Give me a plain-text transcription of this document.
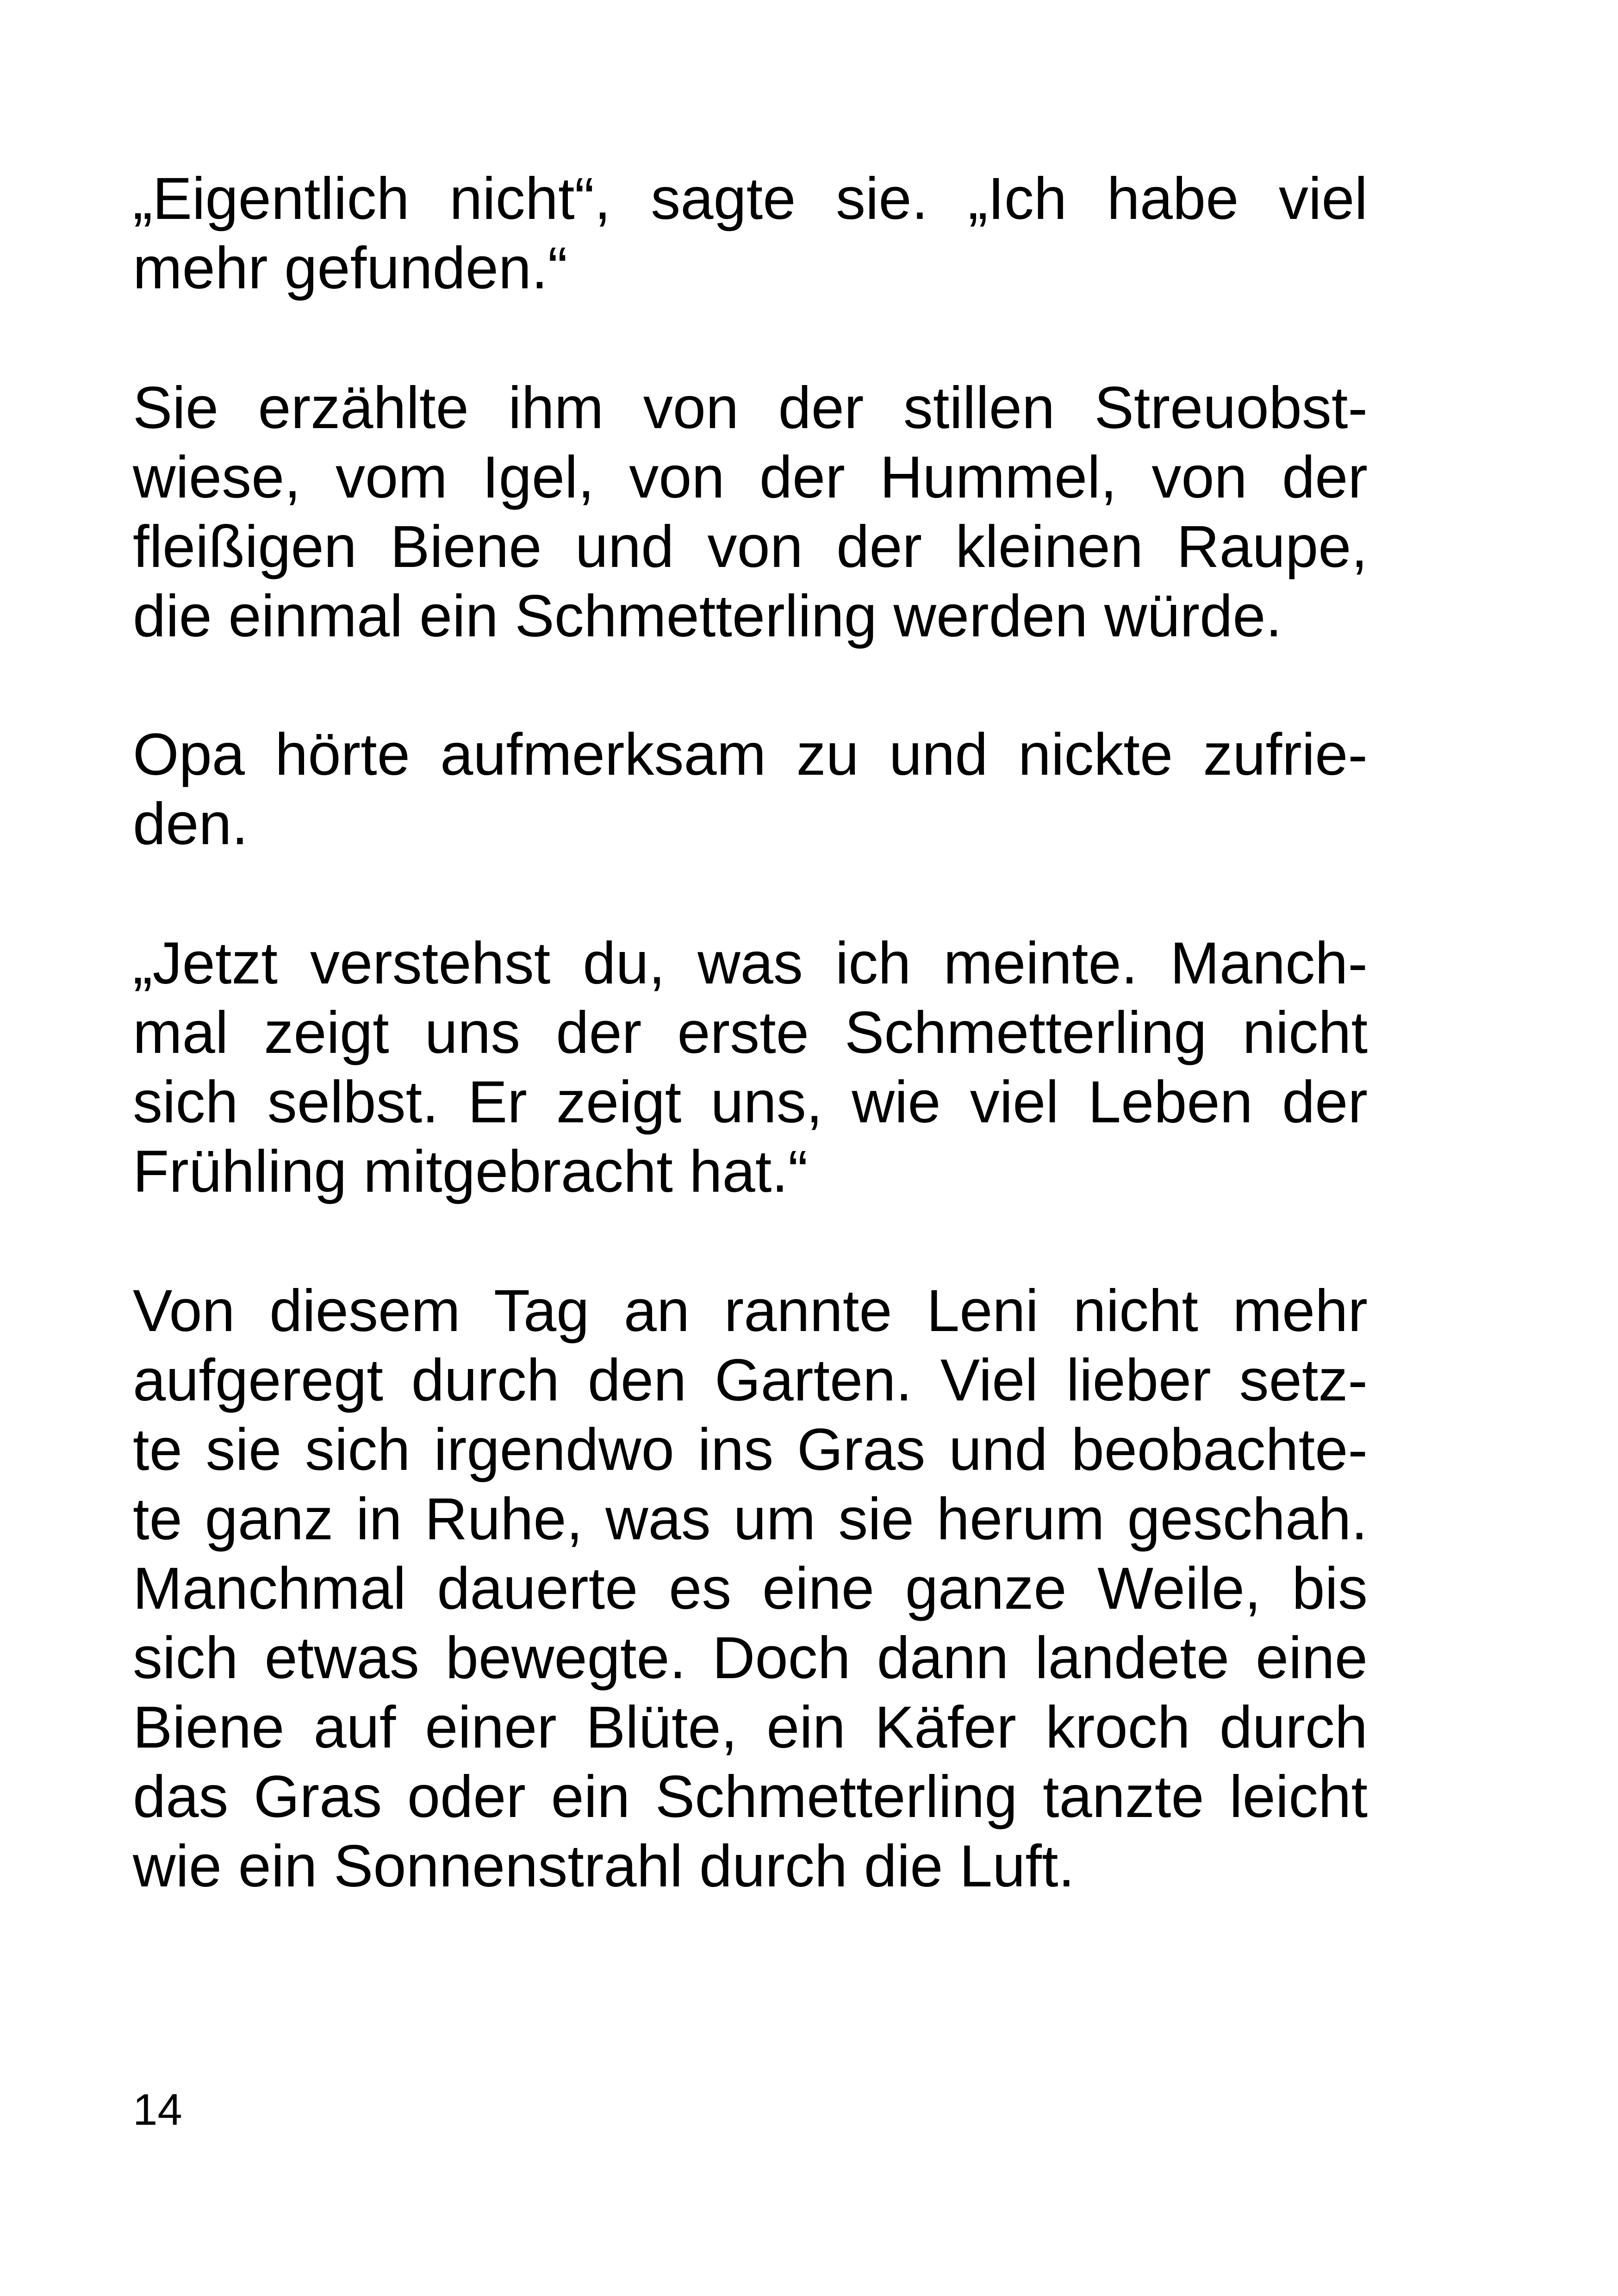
„Eigentlich nicht“, sagte sie. „Ich habe viel
mehr gefunden.“
Sie erzählte ihm von der stillen Streuobst-
wiese, vom Igel, von der Hummel, von der
fleißigen Biene und von der kleinen Raupe,
die einmal ein Schmetterling werden würde.
Opa hörte aufmerksam zu und nickte zufrie-
den.
„Jetzt verstehst du, was ich meinte. Manch-
mal zeigt uns der erste Schmetterling nicht
sich selbst. Er zeigt uns, wie viel Leben der
Frühling mitgebracht hat.“
Von diesem Tag an rannte Leni nicht mehr
aufgeregt durch den Garten. Viel lieber setz-
te sie sich irgendwo ins Gras und beobachte-
te ganz in Ruhe, was um sie herum geschah.
Manchmal dauerte es eine ganze Weile, bis
sich etwas bewegte. Doch dann landete eine
Biene auf einer Blüte, ein Käfer kroch durch
das Gras oder ein Schmetterling tanzte leicht
wie ein Sonnenstrahl durch die Luft.
14
